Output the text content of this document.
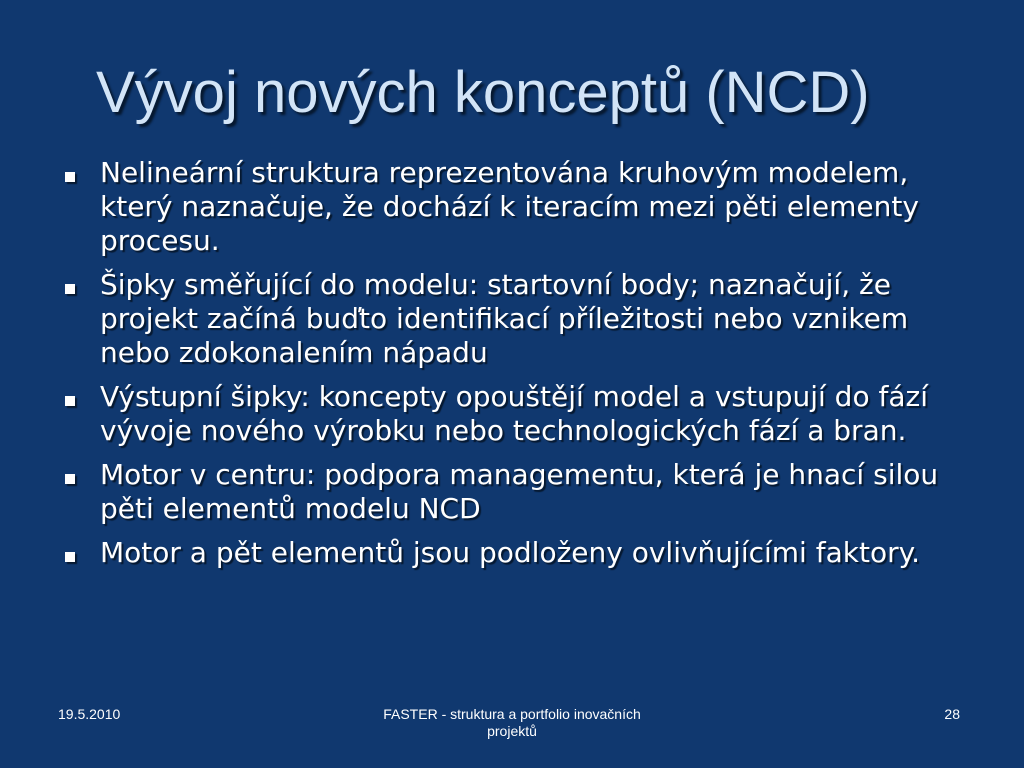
Vývoj nových konceptů (NCD)
Nelineární struktura reprezentována kruhovým modelem, který naznačuje, že dochází k iteracím mezi pěti elementy procesu.
Šipky směřující do modelu: startovní body; naznačují, že projekt začíná buďto identifikací příležitosti nebo vznikem nebo zdokonalením nápadu
Výstupní šipky: koncepty opouštějí model a vstupují do fází vývoje nového výrobku nebo technologických fází a bran.
Motor v centru: podpora managementu, která je hnací silou pěti elementů modelu NCD
Motor a pět elementů jsou podloženy ovlivňujícími faktory.
19.5.2010	FASTER - struktura a portfolio inovačních
projektů
28
